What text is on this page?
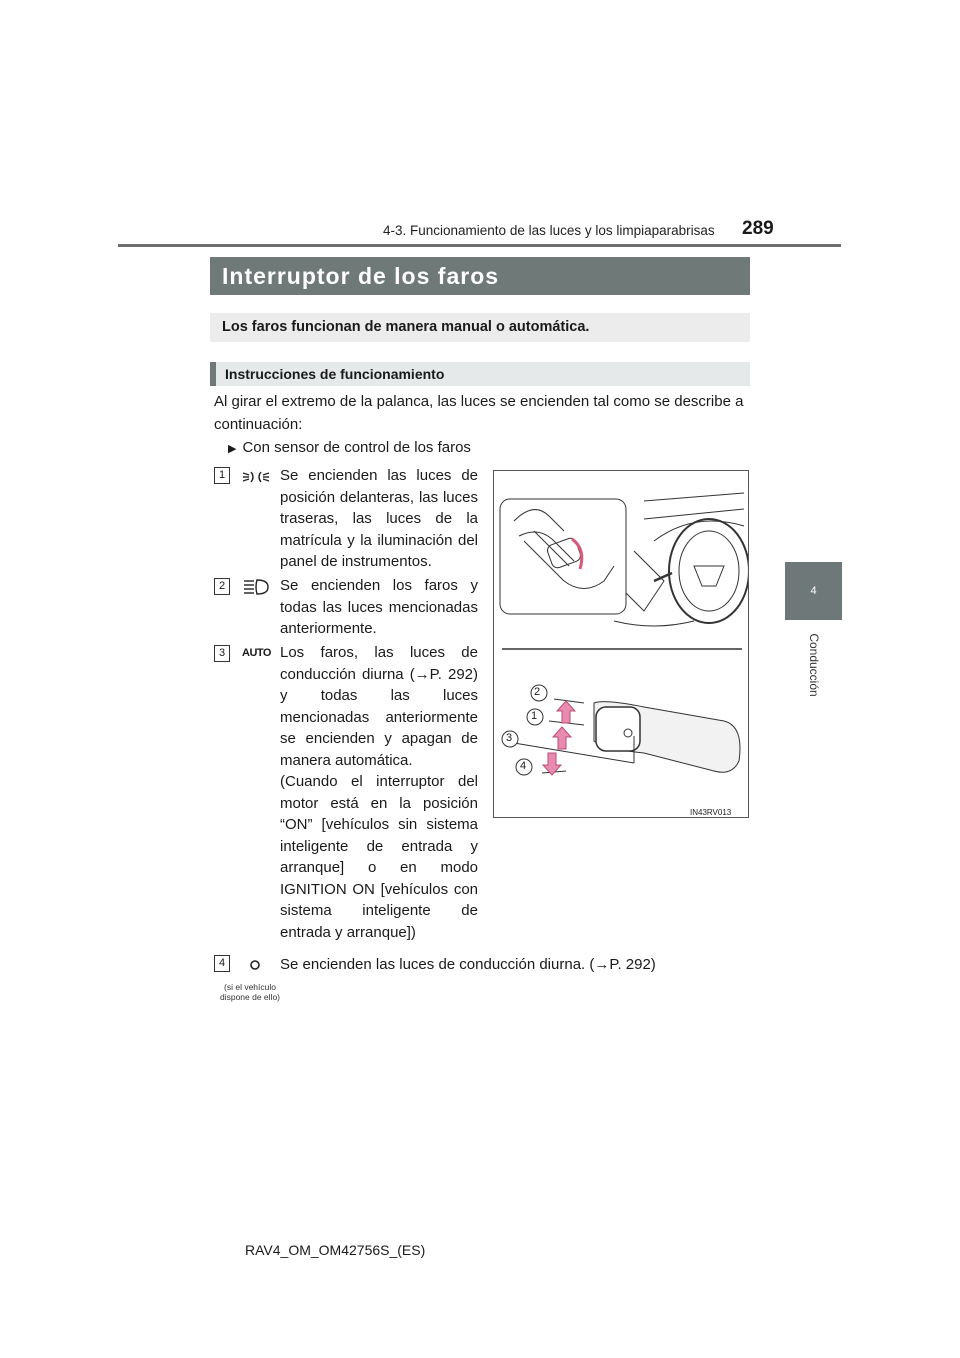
4-3. Funcionamiento de las luces y los limpiaparabrisas 289
4
Conducción
Interruptor de los faros
Los faros funcionan de manera manual o automática.
Instrucciones de funcionamiento
Al girar el extremo de la palanca, las luces se encienden tal como se describe a continuación:
▶ Con sensor de control de los faros
1	Se encienden las luces de posición delanteras, las luces traseras, las luces de la matrícula y la iluminación del panel de instrumentos.
2	Se encienden los faros y todas las luces mencionadas anteriormente.
3	AUTO Los faros, las luces de conducción diurna (→P. 292) y todas las luces mencionadas anteriormente se encienden y apagan de manera automática.
(Cuando el interruptor del motor está en la posición “ON” [vehículos sin sistema inteligente de entrada y arranque] o en modo IGNITION ON [vehículos con sistema inteligente de entrada y arranque])
4	Se encienden las luces de conducción diurna. (→P. 292)
(si el vehículo dispone de ello)
2
1
3
4
IN43RV013
RAV4_OM_OM42756S_(ES)
